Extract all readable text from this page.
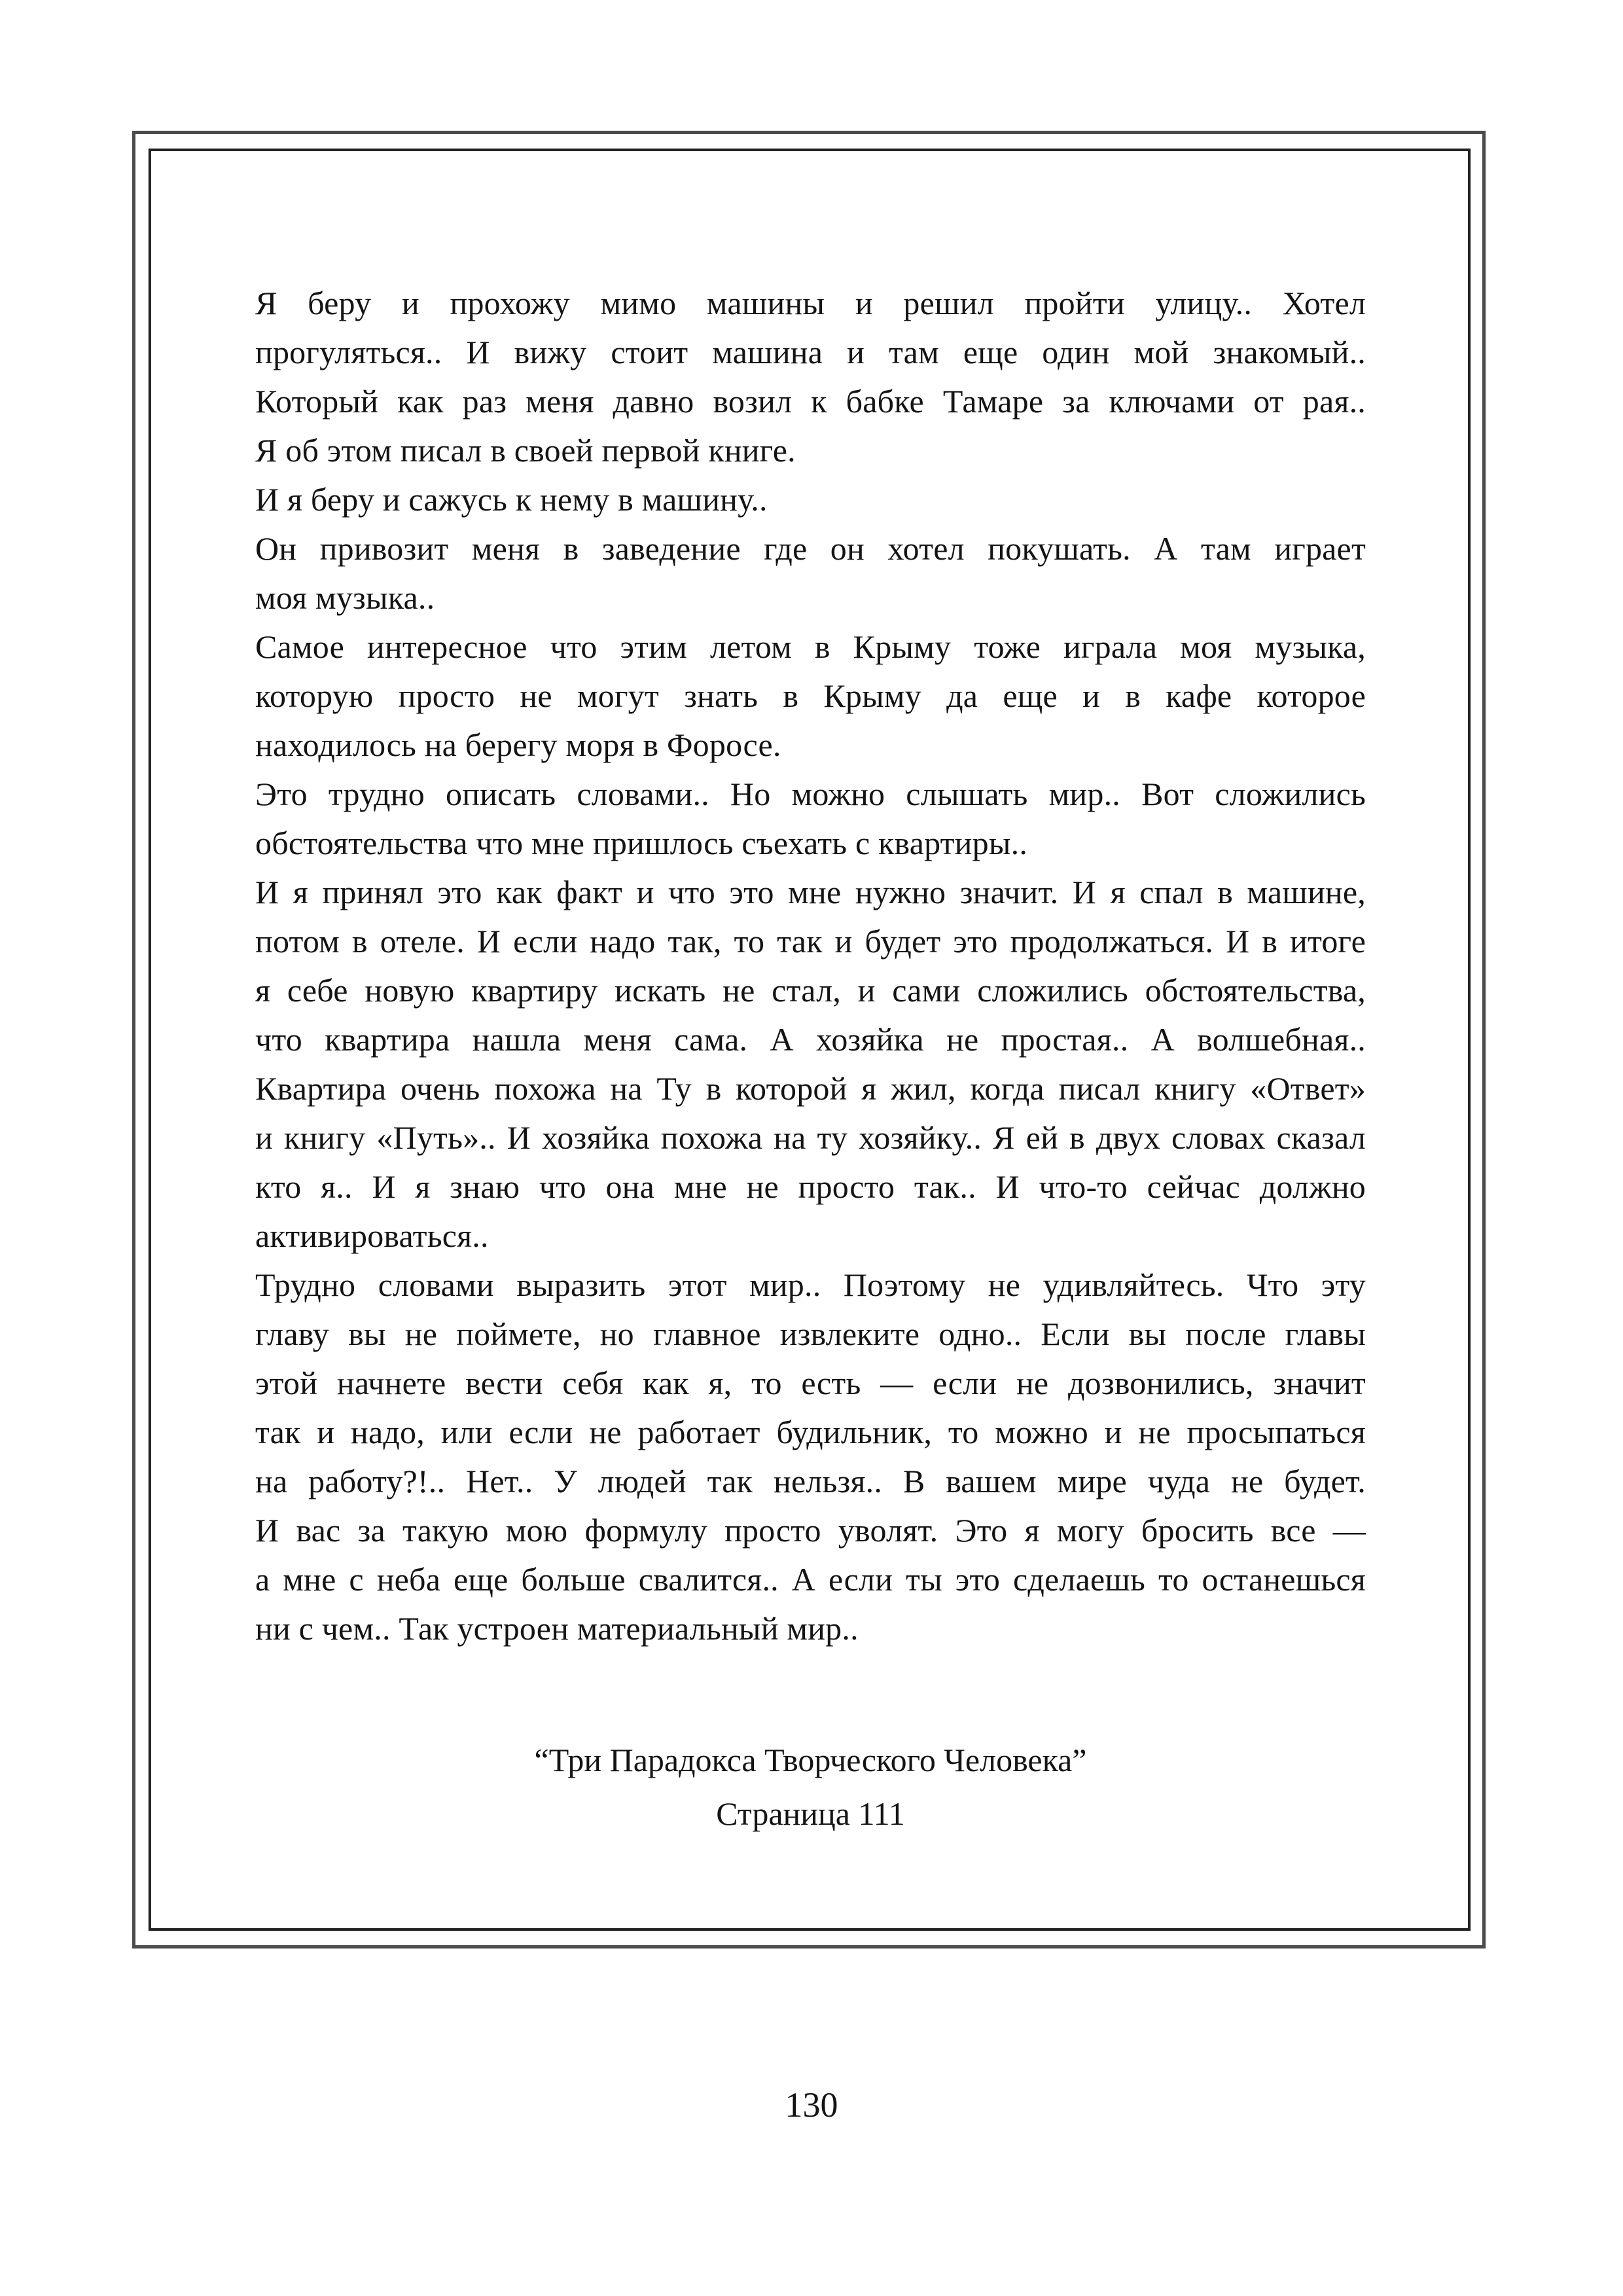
Я беру и прохожу мимо машины и решил пройти улицу.. Хотел
прогуляться.. И вижу стоит машина и там еще один мой знакомый..
Который как раз меня давно возил к бабке Тамаре за ключами от рая..
Я об этом писал в своей первой книге.
И я беру и сажусь к нему в машину..
Он привозит меня в заведение где он хотел покушать. А там играет
моя музыка..
Самое интересное что этим летом в Крыму тоже играла моя музыка,
которую просто не могут знать в Крыму да еще и в кафе которое
находилось на берегу моря в Форосе.
Это трудно описать словами.. Но можно слышать мир.. Вот сложились
обстоятельства что мне пришлось съехать с квартиры..
И я принял это как факт и что это мне нужно значит. И я спал в машине,
потом в отеле. И если надо так, то так и будет это продолжаться. И в итоге
я себе новую квартиру искать не стал, и сами сложились обстоятельства,
что квартира нашла меня сама. А хозяйка не простая.. А волшебная..
Квартира очень похожа на Ту в которой я жил, когда писал книгу «Ответ»
и книгу «Путь».. И хозяйка похожа на ту хозяйку.. Я ей в двух словах сказал
кто я.. И я знаю что она мне не просто так.. И что-то сейчас должно
активироваться..
Трудно словами выразить этот мир.. Поэтому не удивляйтесь. Что эту
главу вы не поймете, но главное извлеките одно.. Если вы после главы
этой начнете вести себя как я, то есть — если не дозвонились, значит
так и надо, или если не работает будильник, то можно и не просыпаться
на работу?!.. Нет.. У людей так нельзя.. В вашем мире чуда не будет.
И вас за такую мою формулу просто уволят. Это я могу бросить все —
а мне с неба еще больше свалится.. А если ты это сделаешь то останешься
ни с чем.. Так устроен материальный мир..
“Три Парадокса Творческого Человека”
Страница 111
130
